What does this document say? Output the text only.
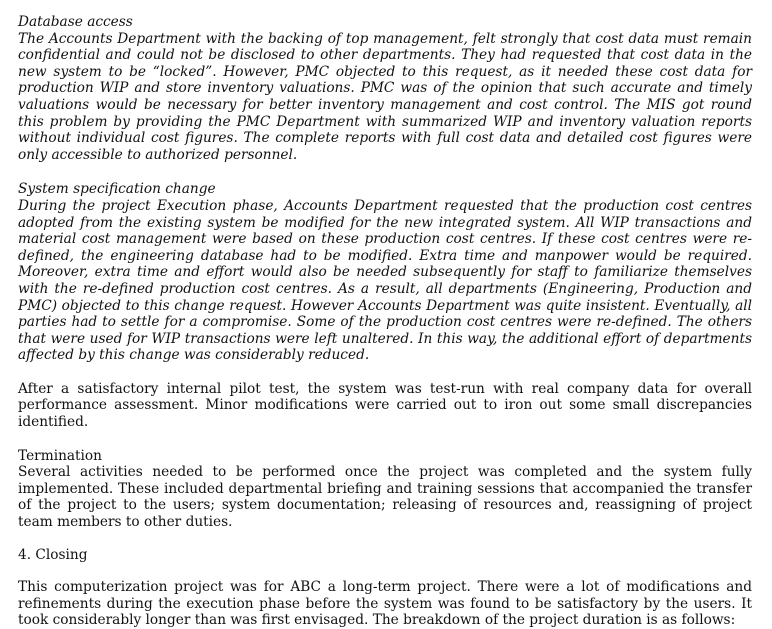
Database access
The Accounts Department with the backing of top management, felt strongly that cost data must remain confidential and could not be disclosed to other departments. They had requested that cost data in the new system to be “locked”. However, PMC objected to this request, as it needed these cost data for production WIP and store inventory valuations. PMC was of the opinion that such accurate and timely valuations would be necessary for better inventory management and cost control. The MIS got round this problem by providing the PMC Department with summarized WIP and inventory valuation reports without individual cost figures. The complete reports with full cost data and detailed cost figures were only accessible to authorized personnel.
System specification change
During the project Execution phase, Accounts Department requested that the production cost centres adopted from the existing system be modified for the new integrated system. All WIP transactions and material cost management were based on these production cost centres. If these cost centres were re-defined, the engineering database had to be modified. Extra time and manpower would be required. Moreover, extra time and effort would also be needed subsequently for staff to familiarize themselves with the re-defined production cost centres. As a result, all departments (Engineering, Production and PMC) objected to this change request. However Accounts Department was quite insistent. Eventually, all parties had to settle for a compromise. Some of the production cost centres were re-defined. The others that were used for WIP transactions were left unaltered. In this way, the additional effort of departments affected by this change was considerably reduced.
After a satisfactory internal pilot test, the system was test-run with real company data for overall performance assessment. Minor modifications were carried out to iron out some small discrepancies identified.
Termination
Several activities needed to be performed once the project was completed and the system fully implemented. These included departmental briefing and training sessions that accompanied the transfer of the project to the users; system documentation; releasing of resources and, reassigning of project team members to other duties.
4. Closing
This computerization project was for ABC a long-term project. There were a lot of modifications and refinements during the execution phase before the system was found to be satisfactory by the users. It took considerably longer than was first envisaged. The breakdown of the project duration is as follows:
